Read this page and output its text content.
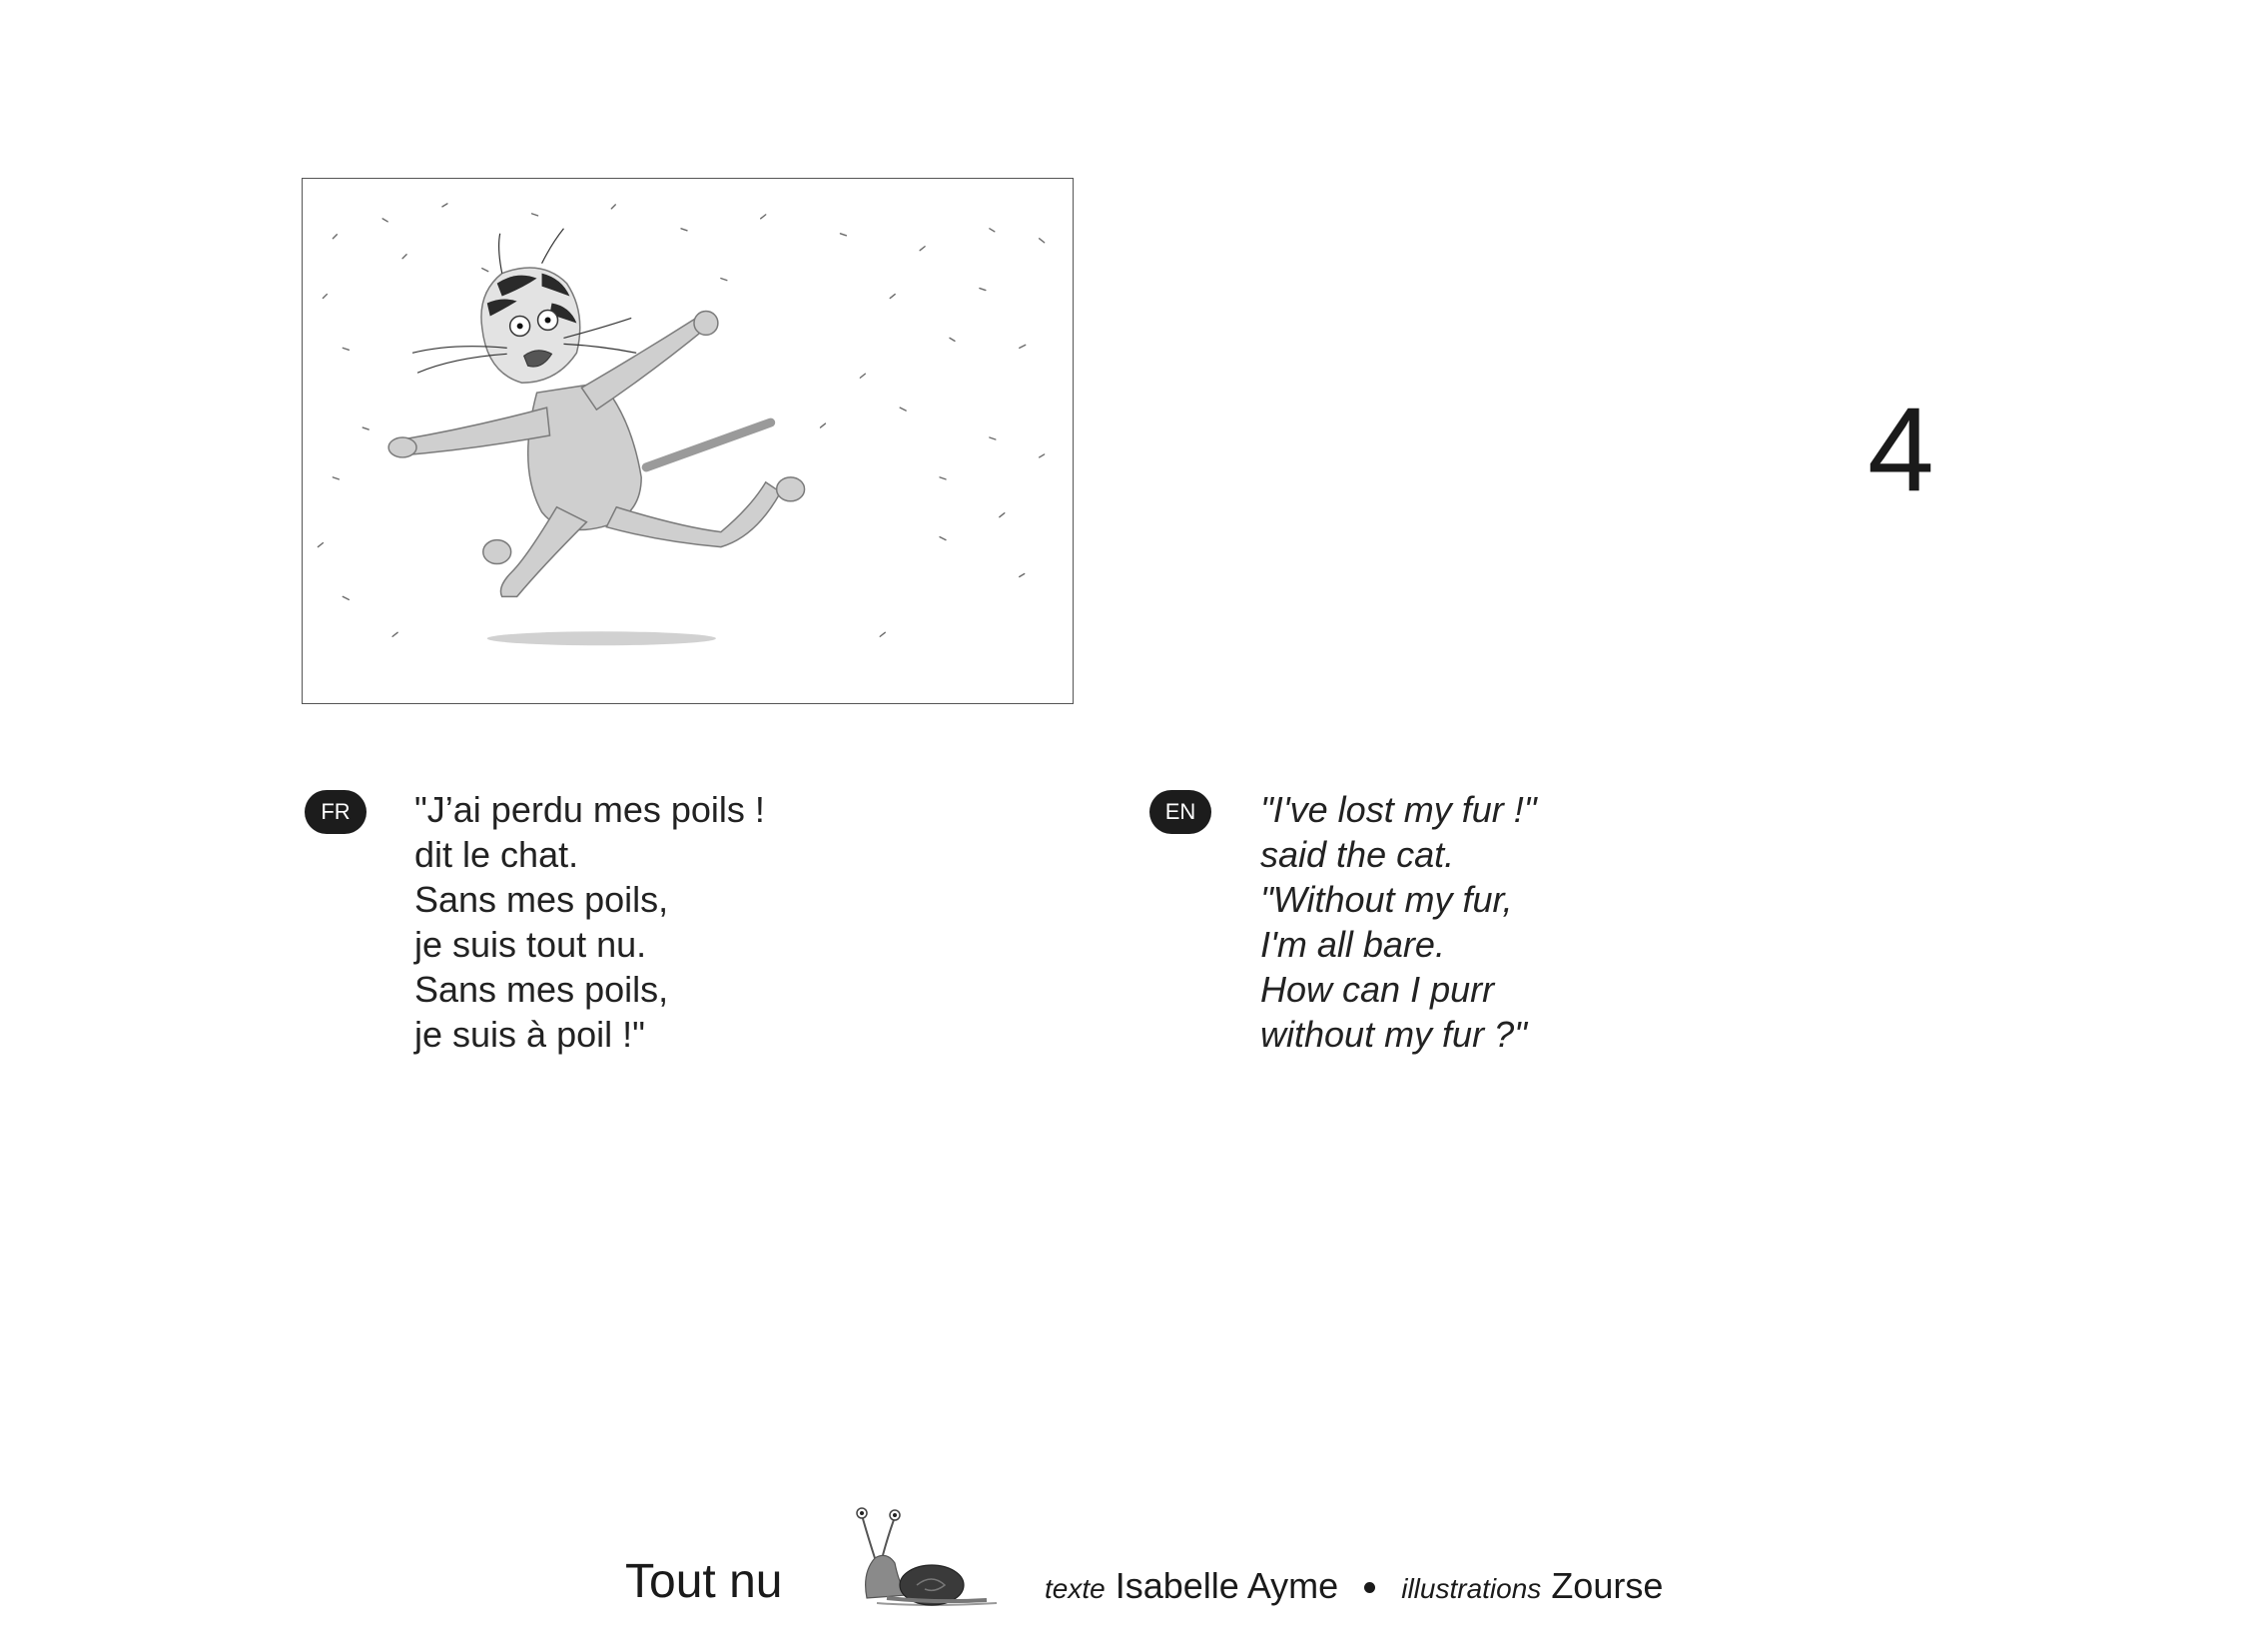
4
FR	"J’ai perdu mes poils !
dit le chat.
Sans mes poils,
je suis tout nu.
Sans mes poils,
je suis à poil !"
EN	"I've lost my fur !"
said the cat.
"Without my fur,
I'm all bare.
How can I purr
without my fur ?"
Tout nu	texte Isabelle Ayme illustrations Zourse
